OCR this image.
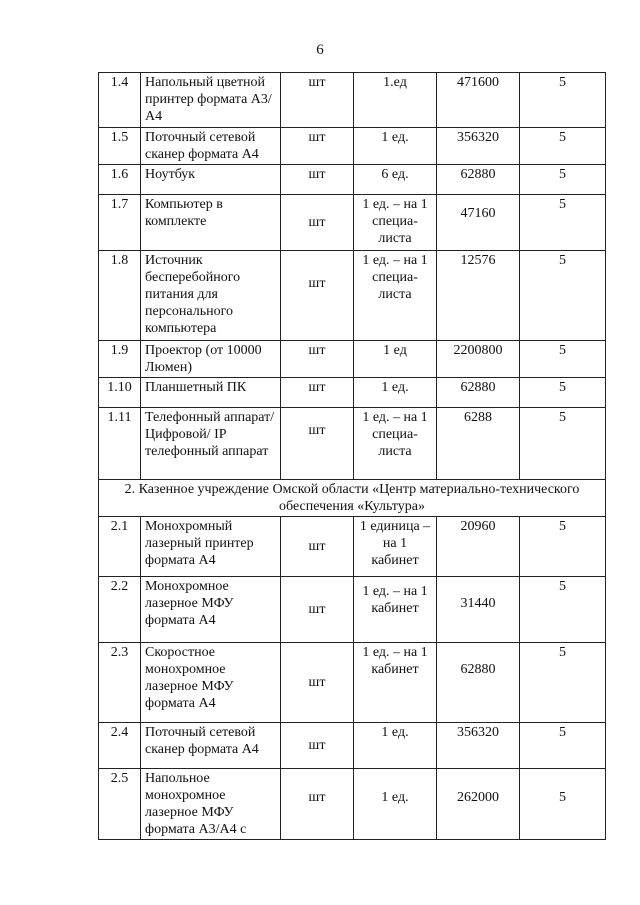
6
1.4	Напольный цветной принтер формата А3/А4	шт	1.ед	471600	5
1.5	Поточный сетевой сканер формата А4	шт	1 ед.	356320	5
1.6	Ноутбук	шт	6 ед.	62880	5
1.7	Компьютер в комплекте	шт	1 ед. – на 1 специа-листа	47160	5
1.8	Источник бесперебойного питания для персонального компьютера	шт	1 ед. – на 1 специа-листа	12576	5
1.9	Проектор (от 10000 Люмен)	шт	1 ед	2200800	5
1.10	Планшетный ПК	шт	1 ед.	62880	5
1.11	Телефонный аппарат/Цифровой/ IP телефонный аппарат	шт	1 ед. – на 1 специа-листа	6288	5
2. Казенное учреждение Омской области «Центр материально-технического обеспечения «Культура»					
2.1	Монохромный лазерный принтер формата А4	шт	1 единица – на 1 кабинет	20960	5
2.2	Монохромное лазерное МФУ формата А4	шт	1 ед. – на 1 кабинет	31440	5
2.3	Скоростное монохромное лазерное МФУ формата А4	шт	1 ед. – на 1 кабинет	62880	5
2.4	Поточный сетевой сканер формата А4	шт	1 ед.	356320	5
2.5	Напольное монохромное лазерное МФУ формата А3/А4 с	шт	1 ед.	262000	5
